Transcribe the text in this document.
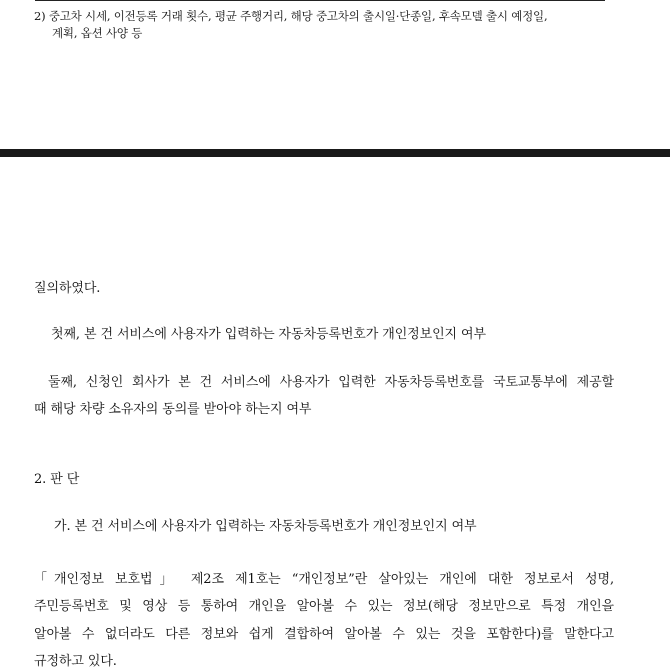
2) 중고차 시세, 이전등록 거래 횟수, 평균 주행거리, 해당 중고차의 출시일·단종일, 후속모델 출시 예정일,
계획, 옵션 사양 등
질의하였다.
첫째, 본 건 서비스에 사용자가 입력하는 자동차등록번호가 개인정보인지 여부
둘째, 신청인 회사가 본 건 서비스에 사용자가 입력한 자동차등록번호를 국토교통부에 제공할
때 해당 차량 소유자의 동의를 받아야 하는지 여부
2. 판 단
가. 본 건 서비스에 사용자가 입력하는 자동차등록번호가 개인정보인지 여부
「개인정보 보호법」 제2조 제1호는 “개인정보”란 살아있는 개인에 대한 정보로서 성명,
주민등록번호 및 영상 등 통하여 개인을 알아볼 수 있는 정보(해당 정보만으로 특정 개인을
알아볼 수 없더라도 다른 정보와 쉽게 결합하여 알아볼 수 있는 것을 포함한다)를 말한다고
규정하고 있다.
